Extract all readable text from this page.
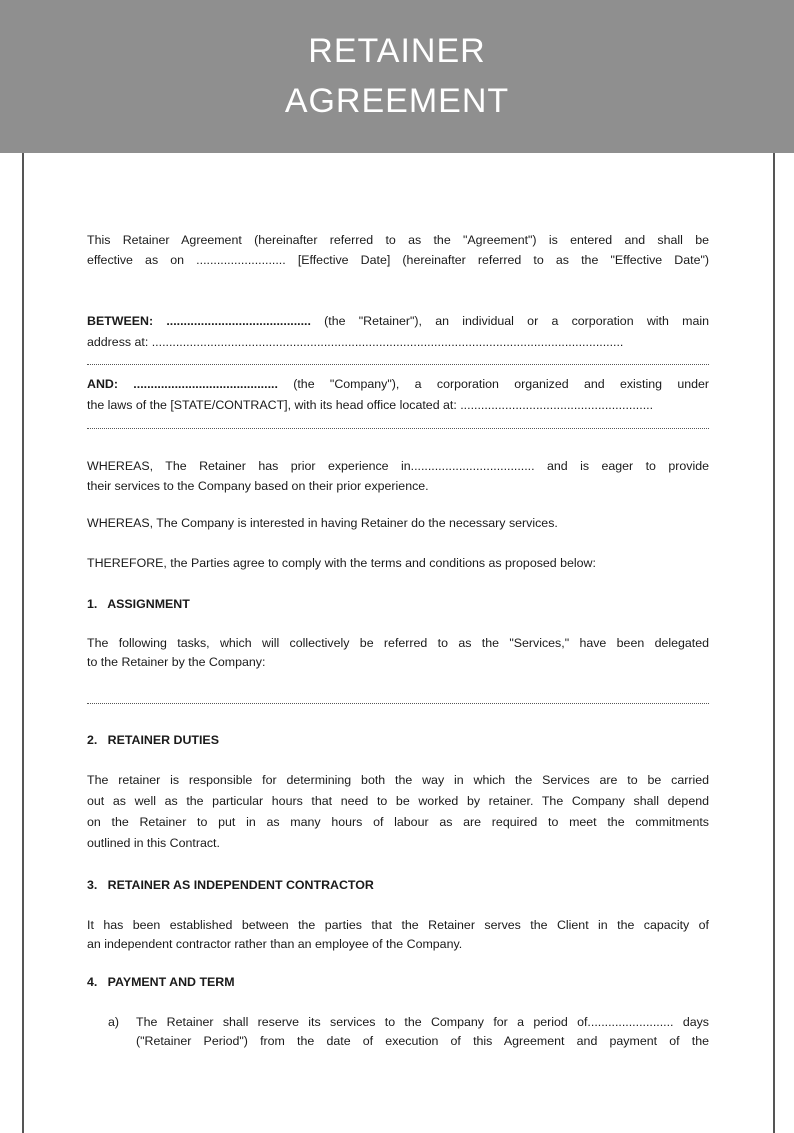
RETAINER
AGREEMENT
This Retainer Agreement (hereinafter referred to as the "Agreement") is entered and shall be
effective as on .......................... [Effective Date] (hereinafter referred to as the "Effective Date")
BETWEEN: .......................................... (the "Retainer"), an individual or a corporation with main
address at: .........................................................................................................................................
AND: .......................................... (the "Company"), a corporation organized and existing under
the laws of the [STATE/CONTRACT], with its head office located at: ........................................................
WHEREAS, The Retainer has prior experience in.................................... and is eager to provide
their services to the Company based on their prior experience.
WHEREAS, The Company is interested in having Retainer do the necessary services.
THEREFORE, the Parties agree to comply with the terms and conditions as proposed below:
1.   ASSIGNMENT
The following tasks, which will collectively be referred to as the "Services," have been delegated
to the Retainer by the Company:
2.   RETAINER DUTIES
The retainer is responsible for determining both the way in which the Services are to be carried
out as well as the particular hours that need to be worked by retainer. The Company shall depend
on the Retainer to put in as many hours of labour as are required to meet the commitments
outlined in this Contract.
3.   RETAINER AS INDEPENDENT CONTRACTOR
It has been established between the parties that the Retainer serves the Client in the capacity of
an independent contractor rather than an employee of the Company.
4.   PAYMENT AND TERM
a) The Retainer shall reserve its services to the Company for a period of......................... days
("Retainer Period") from the date of execution of this Agreement and payment of the
